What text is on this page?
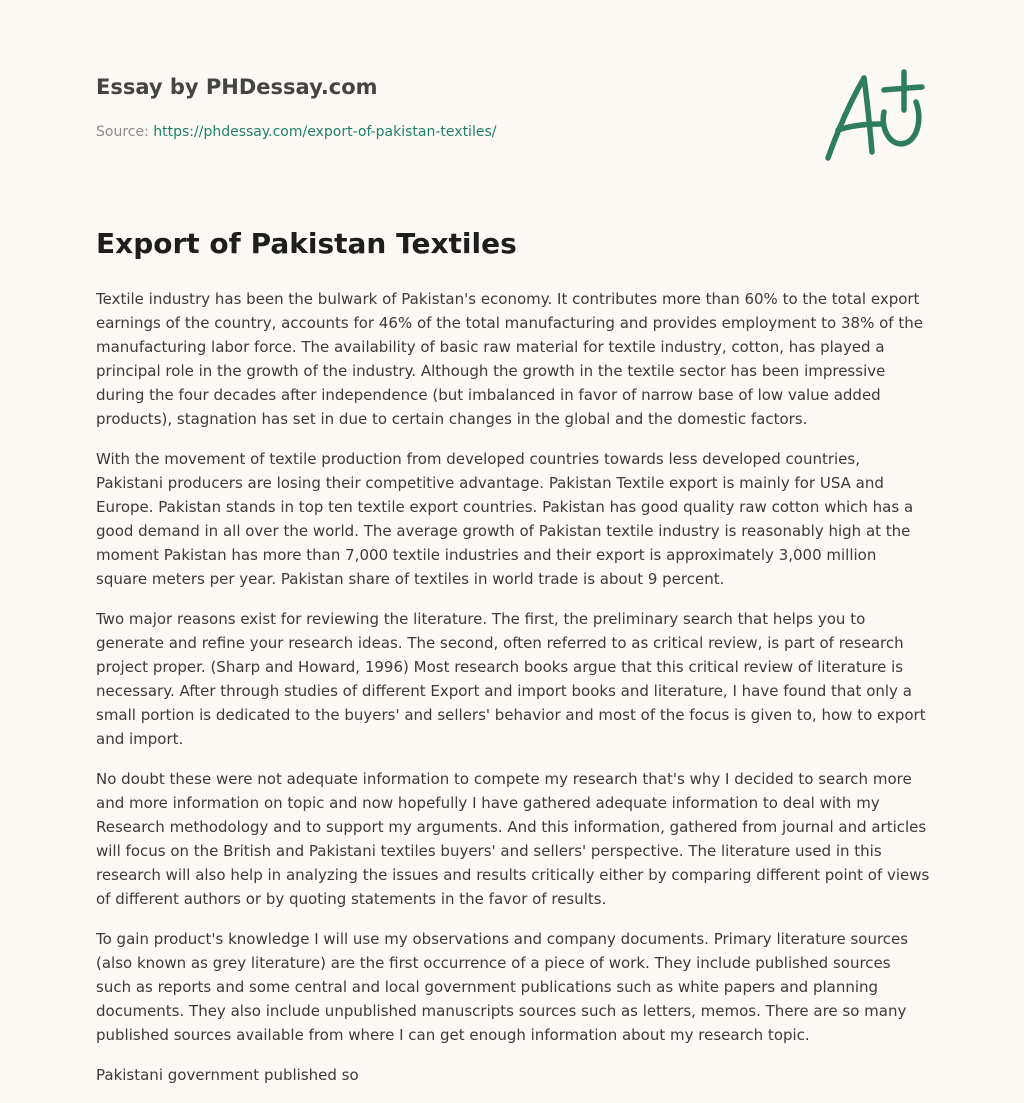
Essay by PHDessay.com
Source: https://phdessay.com/export-of-pakistan-textiles/
Export of Pakistan Textiles

Textile industry has been the bulwark of Pakistan's economy. It contributes more than 60% to the total export earnings of the country, accounts for 46% of the total manufacturing and provides employment to 38% of the manufacturing labor force. The availability of basic raw material for textile industry, cotton, has played a principal role in the growth of the industry. Although the growth in the textile sector has been impressive during the four decades after independence (but imbalanced in favor of narrow base of low value added products), stagnation has set in due to certain changes in the global and the domestic factors.

With the movement of textile production from developed countries towards less developed countries, Pakistani producers are losing their competitive advantage. Pakistan Textile export is mainly for USA and Europe. Pakistan stands in top ten textile export countries. Pakistan has good quality raw cotton which has a good demand in all over the world. The average growth of Pakistan textile industry is reasonably high at the moment Pakistan has more than 7,000 textile industries and their export is approximately 3,000 million square meters per year. Pakistan share of textiles in world trade is about 9 percent.

Two major reasons exist for reviewing the literature. The first, the preliminary search that helps you to generate and refine your research ideas. The second, often referred to as critical review, is part of research project proper. (Sharp and Howard, 1996) Most research books argue that this critical review of literature is necessary. After through studies of different Export and import books and literature, I have found that only a small portion is dedicated to the buyers' and sellers' behavior and most of the focus is given to, how to export and import.

No doubt these were not adequate information to compete my research that's why I decided to search more and more information on topic and now hopefully I have gathered adequate information to deal with my Research methodology and to support my arguments. And this information, gathered from journal and articles will focus on the British and Pakistani textiles buyers' and sellers' perspective. The literature used in this research will also help in analyzing the issues and results critically either by comparing different point of views of different authors or by quoting statements in the favor of results.

To gain product's knowledge I will use my observations and company documents. Primary literature sources (also known as grey literature) are the first occurrence of a piece of work. They include published sources such as reports and some central and local government publications such as white papers and planning documents. They also include unpublished manuscripts sources such as letters, memos. There are so many published sources available from where I can get enough information about my research topic.

Pakistani government published so
